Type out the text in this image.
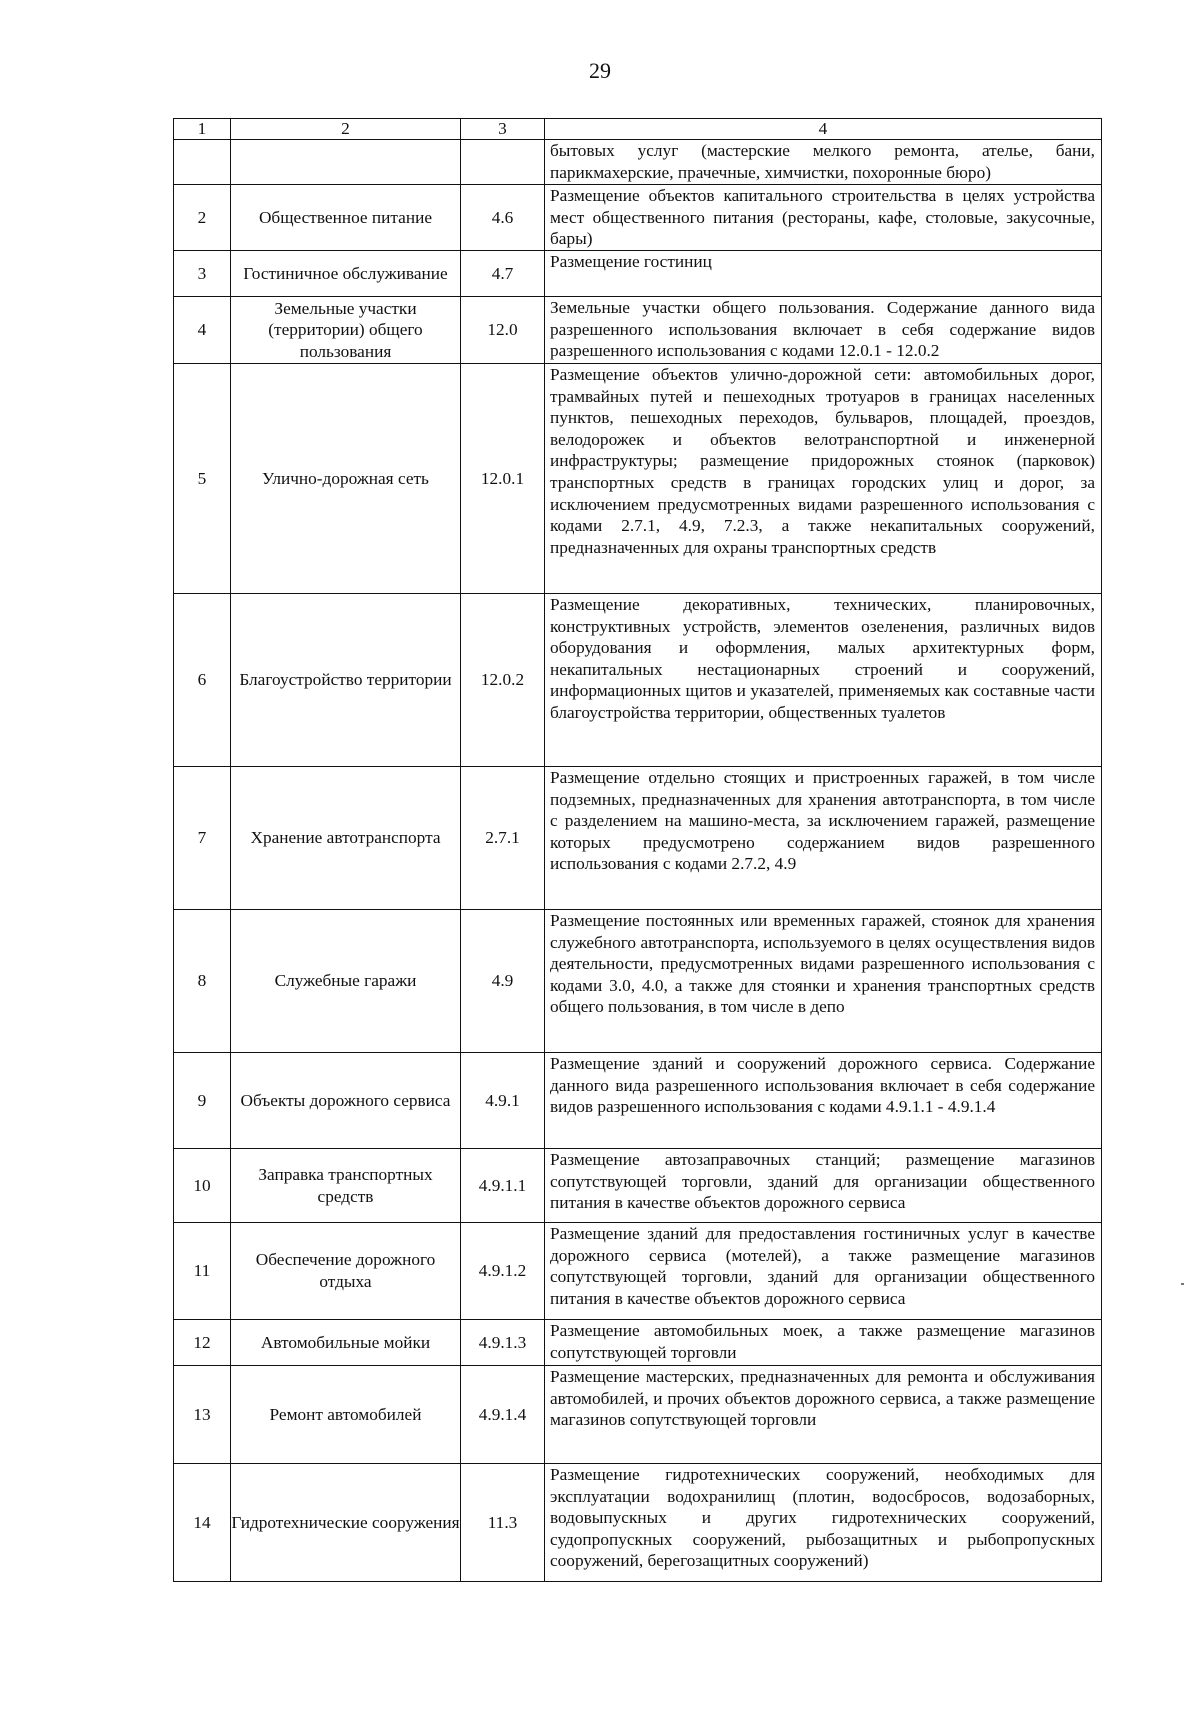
29
1	2	3	4
			бытовых услуг (мастерские мелкого ремонта, ателье, бани, парикмахерские, прачечные, химчистки, похоронные бюро)
2	Общественное питание	4.6	Размещение объектов капитального строительства в целях устройства мест общественного питания (рестораны, кафе, столовые, закусочные, бары)
3	Гостиничное обслуживание	4.7	Размещение гостиниц
4	Земельные участки (территории) общего пользования	12.0	Земельные участки общего пользования. Содержание данного вида разрешенного использования включает в себя содержание видов разрешенного использования с кодами 12.0.1 - 12.0.2
5	Улично-дорожная сеть	12.0.1	Размещение объектов улично-дорожной сети: автомобильных дорог, трамвайных путей и пешеходных тротуаров в границах населенных пунктов, пешеходных переходов, бульваров, площадей, проездов, велодорожек и объектов велотранспортной и инженерной инфраструктуры; размещение придорожных стоянок (парковок) транспортных средств в границах городских улиц и дорог, за исключением предусмотренных видами разрешенного использования с кодами 2.7.1, 4.9, 7.2.3, а также некапитальных сооружений, предназначенных для охраны транспортных средств
6	Благоустройство территории	12.0.2	Размещение декоративных, технических, планировочных, конструктивных устройств, элементов озеленения, различных видов оборудования и оформления, малых архитектурных форм, некапитальных нестационарных строений и сооружений, информационных щитов и указателей, применяемых как составные части благоустройства территории, общественных туалетов
7	Хранение автотранспорта	2.7.1	Размещение отдельно стоящих и пристроенных гаражей, в том числе подземных, предназначенных для хранения автотранспорта, в том числе с разделением на машино-места, за исключением гаражей, размещение которых предусмотрено содержанием видов разрешенного использования с кодами 2.7.2, 4.9
8	Служебные гаражи	4.9	Размещение постоянных или временных гаражей, стоянок для хранения служебного автотранспорта, используемого в целях осуществления видов деятельности, предусмотренных видами разрешенного использования с кодами 3.0, 4.0, а также для стоянки и хранения транспортных средств общего пользования, в том числе в депо
9	Объекты дорожного сервиса	4.9.1	Размещение зданий и сооружений дорожного сервиса. Содержание данного вида разрешенного использования включает в себя содержание видов разрешенного использования с кодами 4.9.1.1 - 4.9.1.4
10	Заправка транспортных средств	4.9.1.1	Размещение автозаправочных станций; размещение магазинов сопутствующей торговли, зданий для организации общественного питания в качестве объектов дорожного сервиса
11	Обеспечение дорожного отдыха	4.9.1.2	Размещение зданий для предоставления гостиничных услуг в качестве дорожного сервиса (мотелей), а также размещение магазинов сопутствующей торговли, зданий для организации общественного питания в качестве объектов дорожного сервиса
12	Автомобильные мойки	4.9.1.3	Размещение автомобильных моек, а также размещение магазинов сопутствующей торговли
13	Ремонт автомобилей	4.9.1.4	Размещение мастерских, предназначенных для ремонта и обслуживания автомобилей, и прочих объектов дорожного сервиса, а также размещение магазинов сопутствующей торговли
14	Гидротехнические сооружения	11.3	Размещение гидротехнических сооружений, необходимых для эксплуатации водохранилищ (плотин, водосбросов, водозаборных, водовыпускных и других гидротехнических сооружений, судопропускных сооружений, рыбозащитных и рыбопропускных сооружений, берегозащитных сооружений)
